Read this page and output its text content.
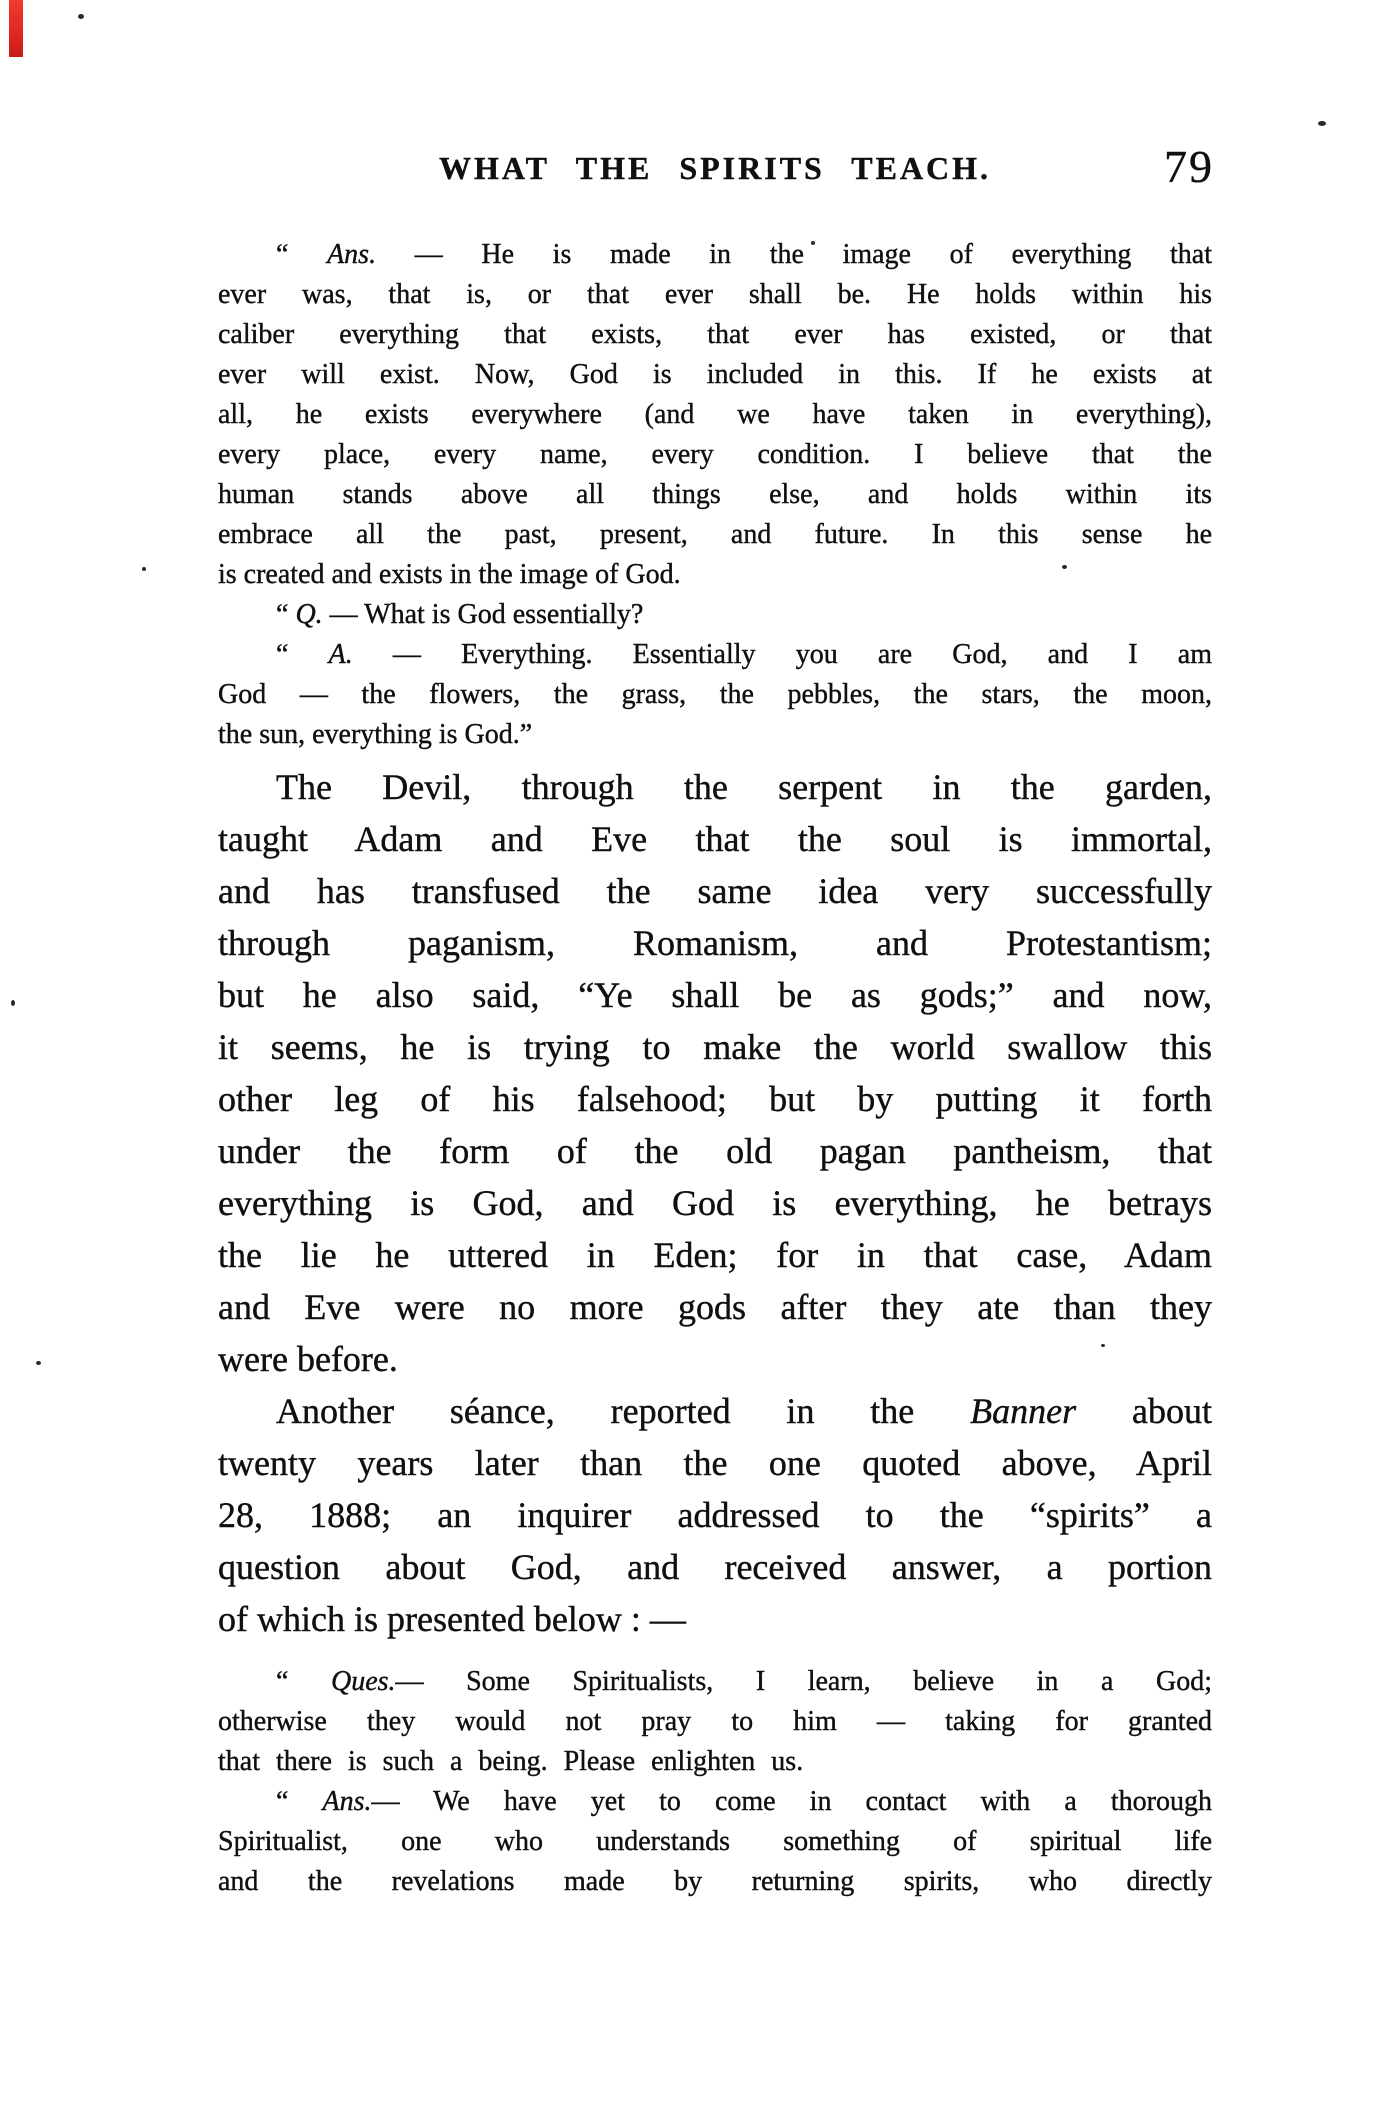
WHAT THE SPIRITS TEACH.	79
“ Ans. — He is made in the image of everything that
ever was, that is, or that ever shall be. He holds within his
caliber everything that exists, that ever has existed, or that
ever will exist. Now, God is included in this. If he exists at
all, he exists everywhere (and we have taken in everything),
every place, every name, every condition. I believe that the
human stands above all things else, and holds within its
embrace all the past, present, and future. In this sense he
is created and exists in the image of God.
“ Q. — What is God essentially?
“ A. — Everything. Essentially you are God, and I am
God — the flowers, the grass, the pebbles, the stars, the moon,
the sun, everything is God.”
The Devil, through the serpent in the garden,
taught Adam and Eve that the soul is immortal,
and has transfused the same idea very successfully
through paganism, Romanism, and Protestantism;
but he also said, “Ye shall be as gods;” and now,
it seems, he is trying to make the world swallow this
other leg of his falsehood; but by putting it forth
under the form of the old pagan pantheism, that
everything is God, and God is everything, he betrays
the lie he uttered in Eden; for in that case, Adam
and Eve were no more gods after they ate than they
were before.
Another séance, reported in the Banner about
twenty years later than the one quoted above, April
28, 1888; an inquirer addressed to the “spirits” a
question about God, and received answer, a portion
of which is presented below : —
“ Ques.— Some Spiritualists, I learn, believe in a God;
otherwise they would not pray to him — taking for granted
that there is such a being. Please enlighten us.
“ Ans.— We have yet to come in contact with a thorough
Spiritualist, one who understands something of spiritual life
and the revelations made by returning spirits, who directly
